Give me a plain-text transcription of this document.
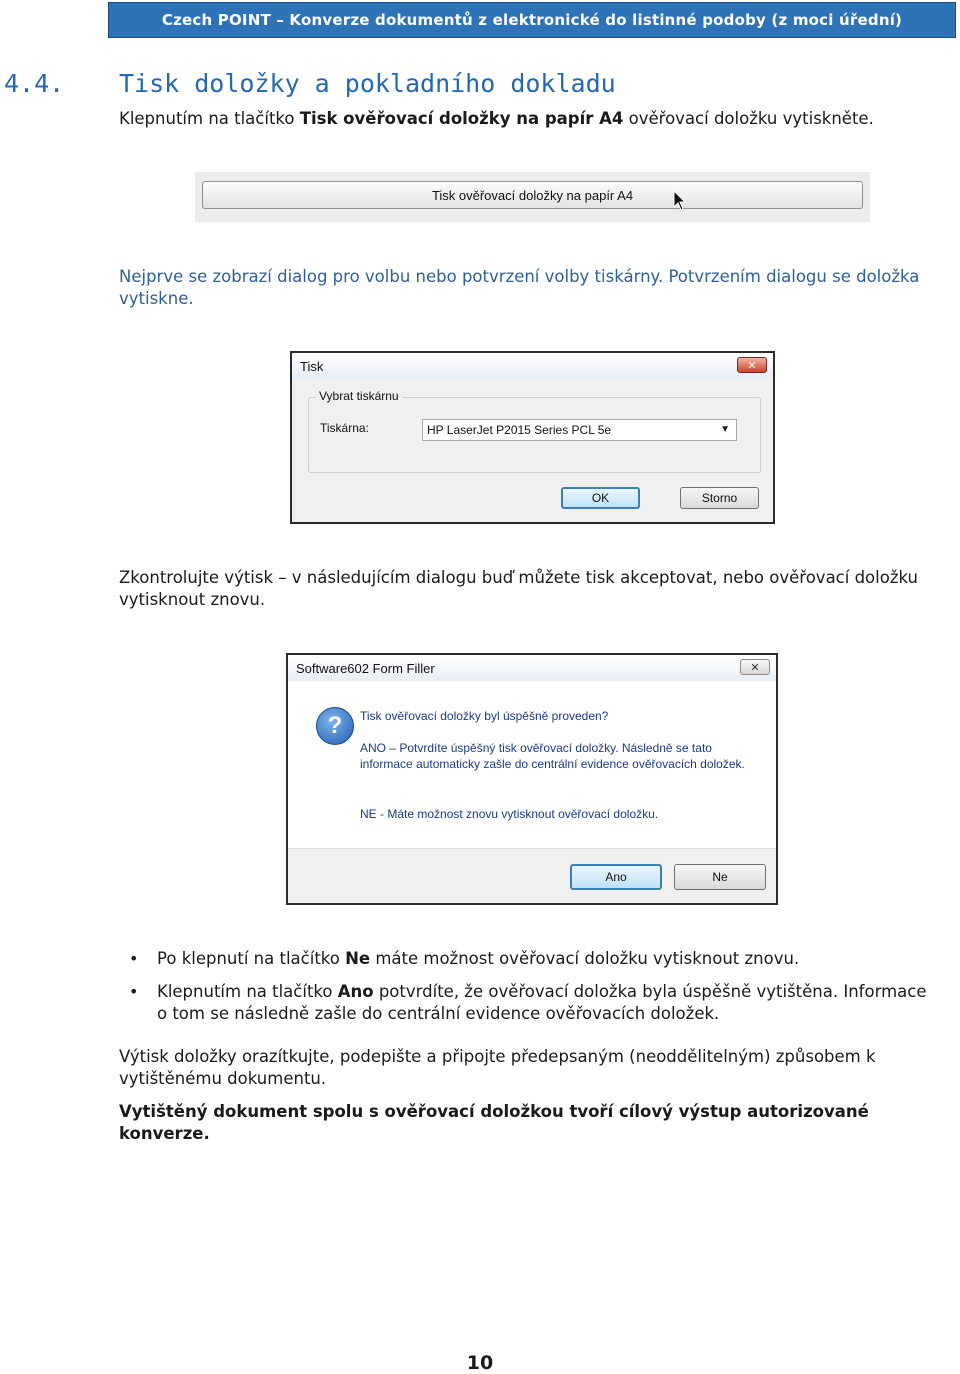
Czech POINT – Konverze dokumentů z elektronické do listinné podoby (z moci úřední)
4.4.	Tisk doložky a pokladního dokladu
Klepnutím na tlačítko Tisk ověřovací doložky na papír A4 ověřovací doložku vytiskněte.
Tisk ověřovací doložky na papír A4
Nejprve se zobrazí dialog pro volbu nebo potvrzení volby tiskárny. Potvrzením dialogu se doložka vytiskne.
Tisk	✕
Vybrat tiskárnu
Tiskárna:	HP LaserJet P2015 Series PCL 5e	▼
OK	Storno
Zkontrolujte výtisk – v následujícím dialogu buď můžete tisk akceptovat, nebo ověřovací doložku vytisknout znovu.
Software602 Form Filler	✕
?	Tisk ověřovací doložky byl úspěšně proveden?
ANO – Potvrdíte úspěšný tisk ověřovací doložky. Následně se tato informace automaticky zašle do centrální evidence ověřovacích doložek.
NE - Máte možnost znovu vytisknout ověřovací doložku.
Ano	Ne
• Po klepnutí na tlačítko Ne máte možnost ověřovací doložku vytisknout znovu.
• Klepnutím na tlačítko Ano potvrdíte, že ověřovací doložka byla úspěšně vytištěna. Informace o tom se následně zašle do centrální evidence ověřovacích doložek.
Výtisk doložky orazítkujte, podepište a připojte předepsaným (neoddělitelným) způsobem k vytištěnému dokumentu.
Vytištěný dokument spolu s ověřovací doložkou tvoří cílový výstup autorizované konverze.
10
